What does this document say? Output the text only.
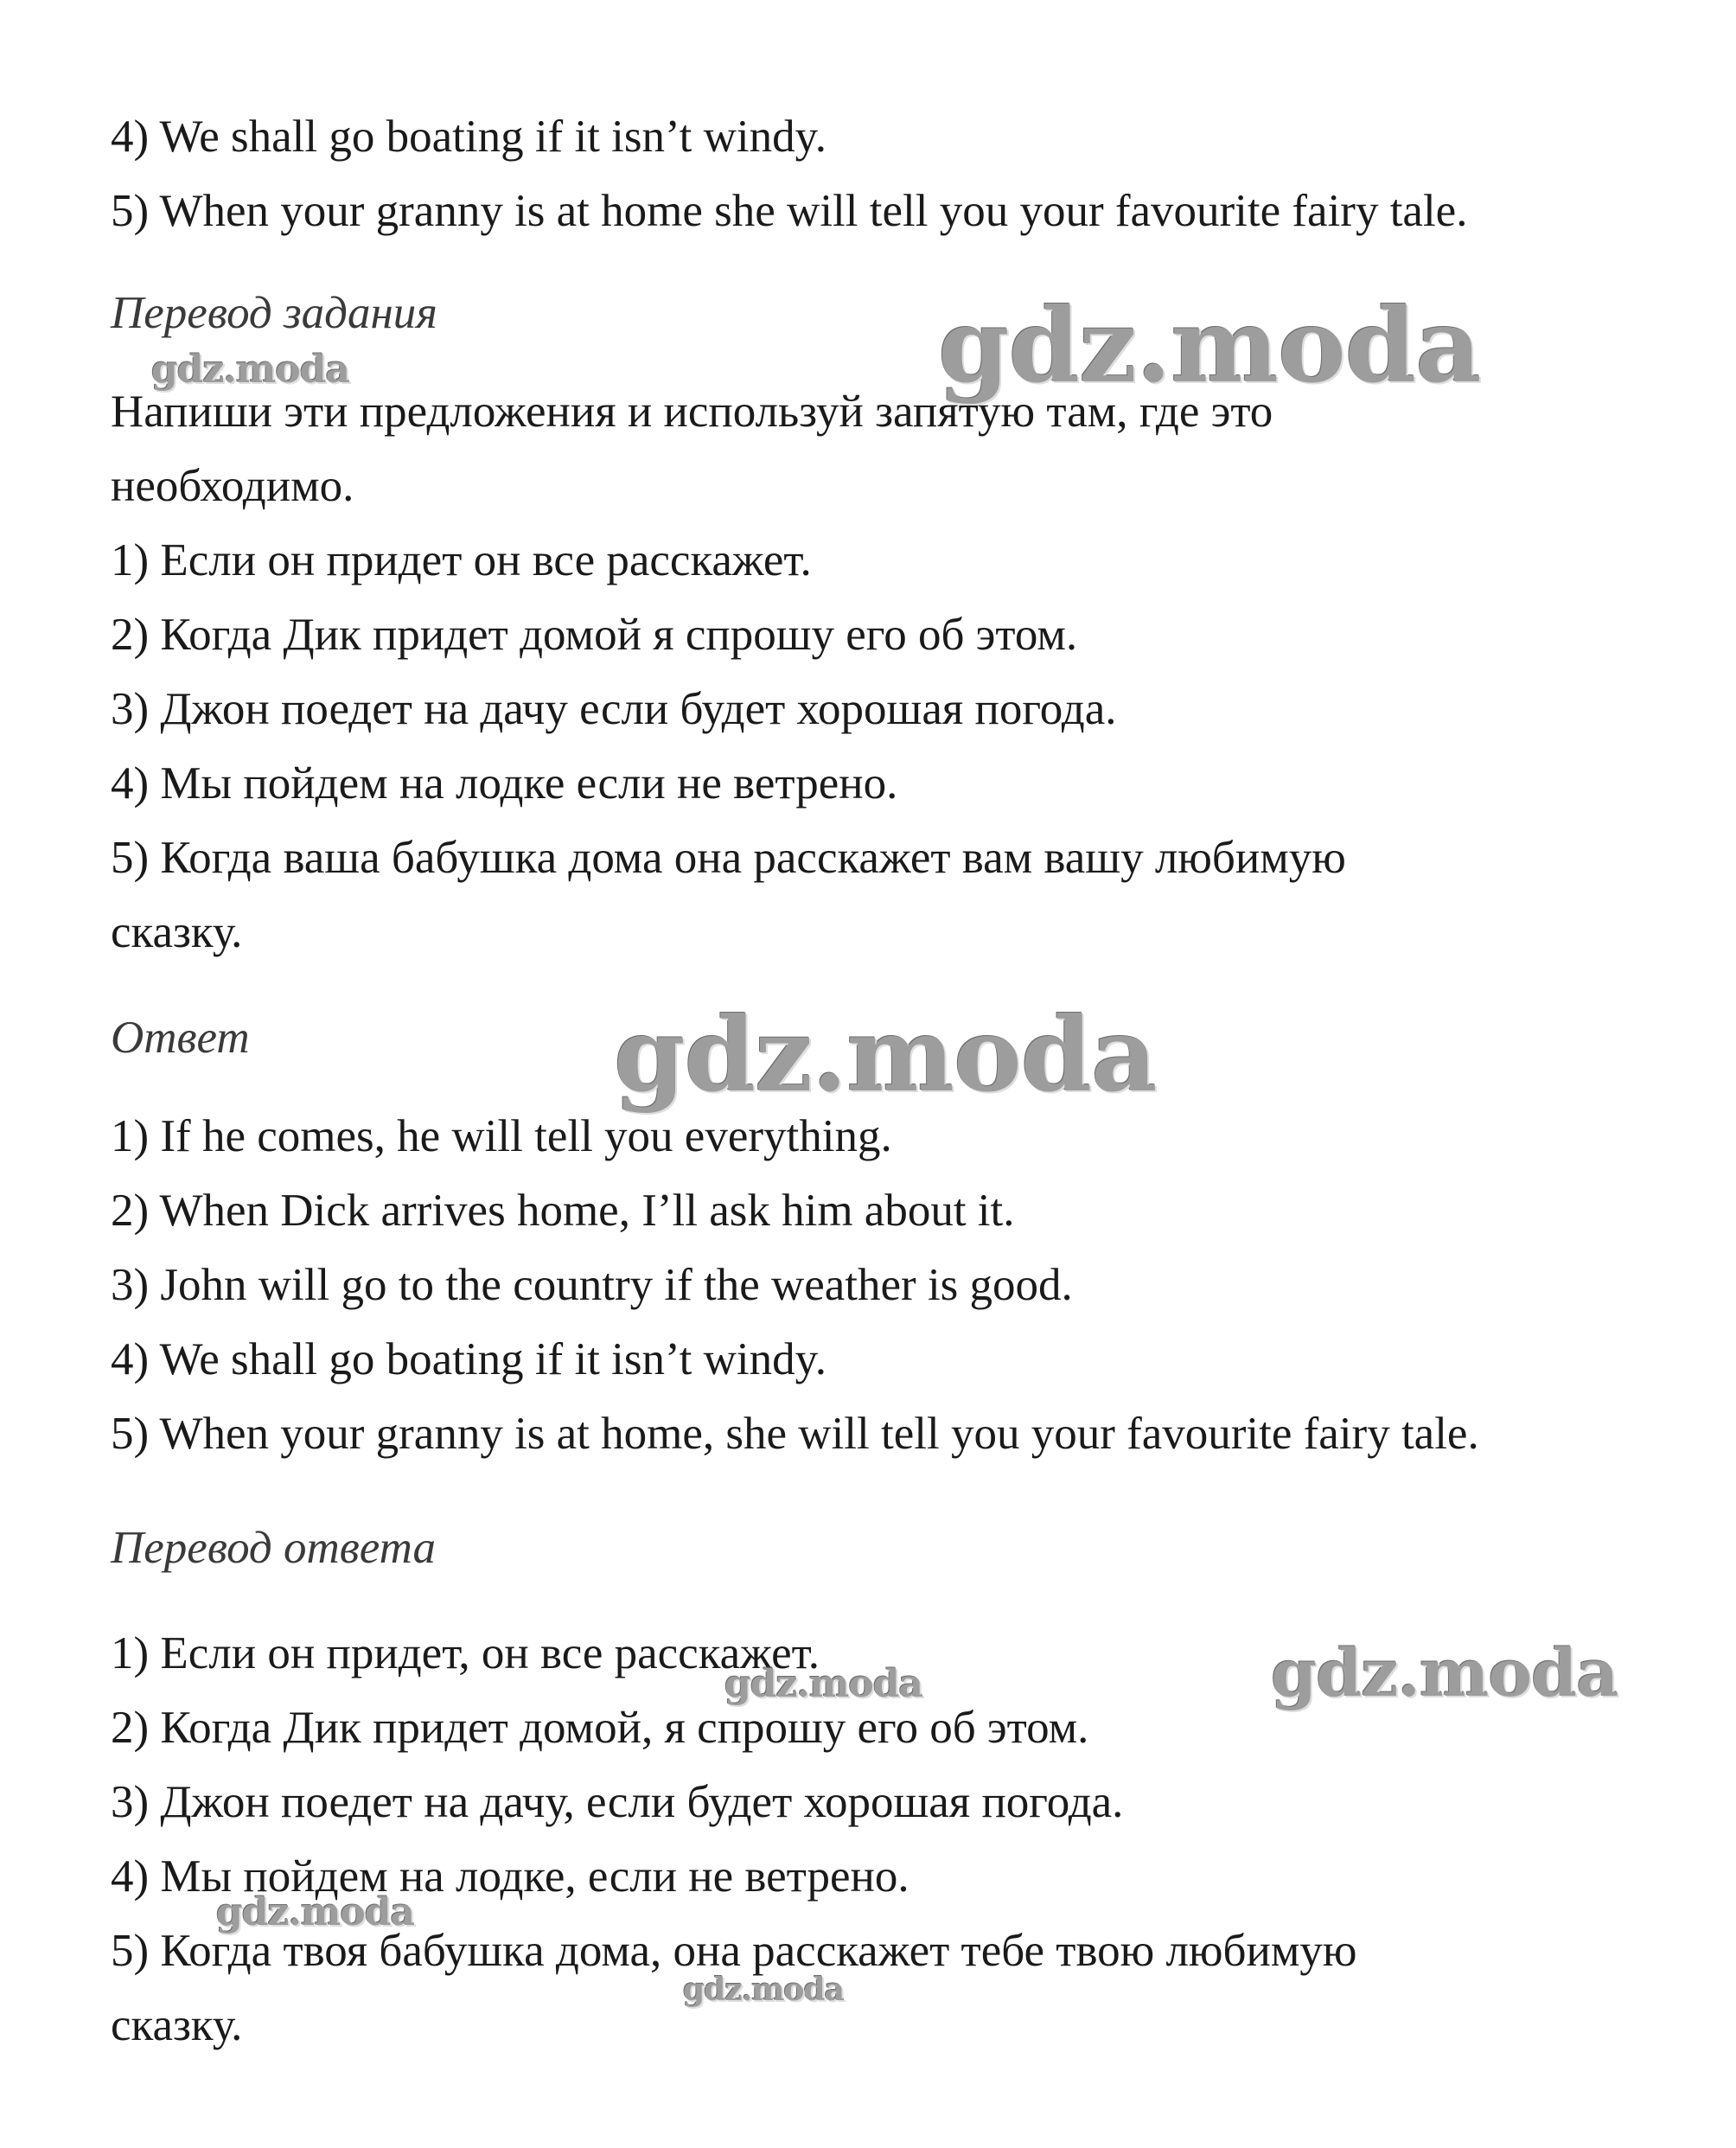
4) We shall go boating if it isn’t windy.
5) When your granny is at home she will tell you your favourite fairy tale.
Перевод задания
Напиши эти предложения и используй запятую там, где это
необходимо.
1) Если он придет он все расскажет.
2) Когда Дик придет домой я спрошу его об этом.
3) Джон поедет на дачу если будет хорошая погода.
4) Мы пойдем на лодке если не ветрено.
5) Когда ваша бабушка дома она расскажет вам вашу любимую
сказку.
Ответ
1) If he comes, he will tell you everything.
2) When Dick arrives home, I’ll ask him about it.
3) John will go to the country if the weather is good.
4) We shall go boating if it isn’t windy.
5) When your granny is at home, she will tell you your favourite fairy tale.
Перевод ответа
1) Если он придет, он все расскажет.
2) Когда Дик придет домой, я спрошу его об этом.
3) Джон поедет на дачу, если будет хорошая погода.
4) Мы пойдем на лодке, если не ветрено.
5) Когда твоя бабушка дома, она расскажет тебе твою любимую
сказку.
gdz.moda
gdz.moda
gdz.moda
gdz.moda
gdz.moda
gdz.moda
gdz.moda
